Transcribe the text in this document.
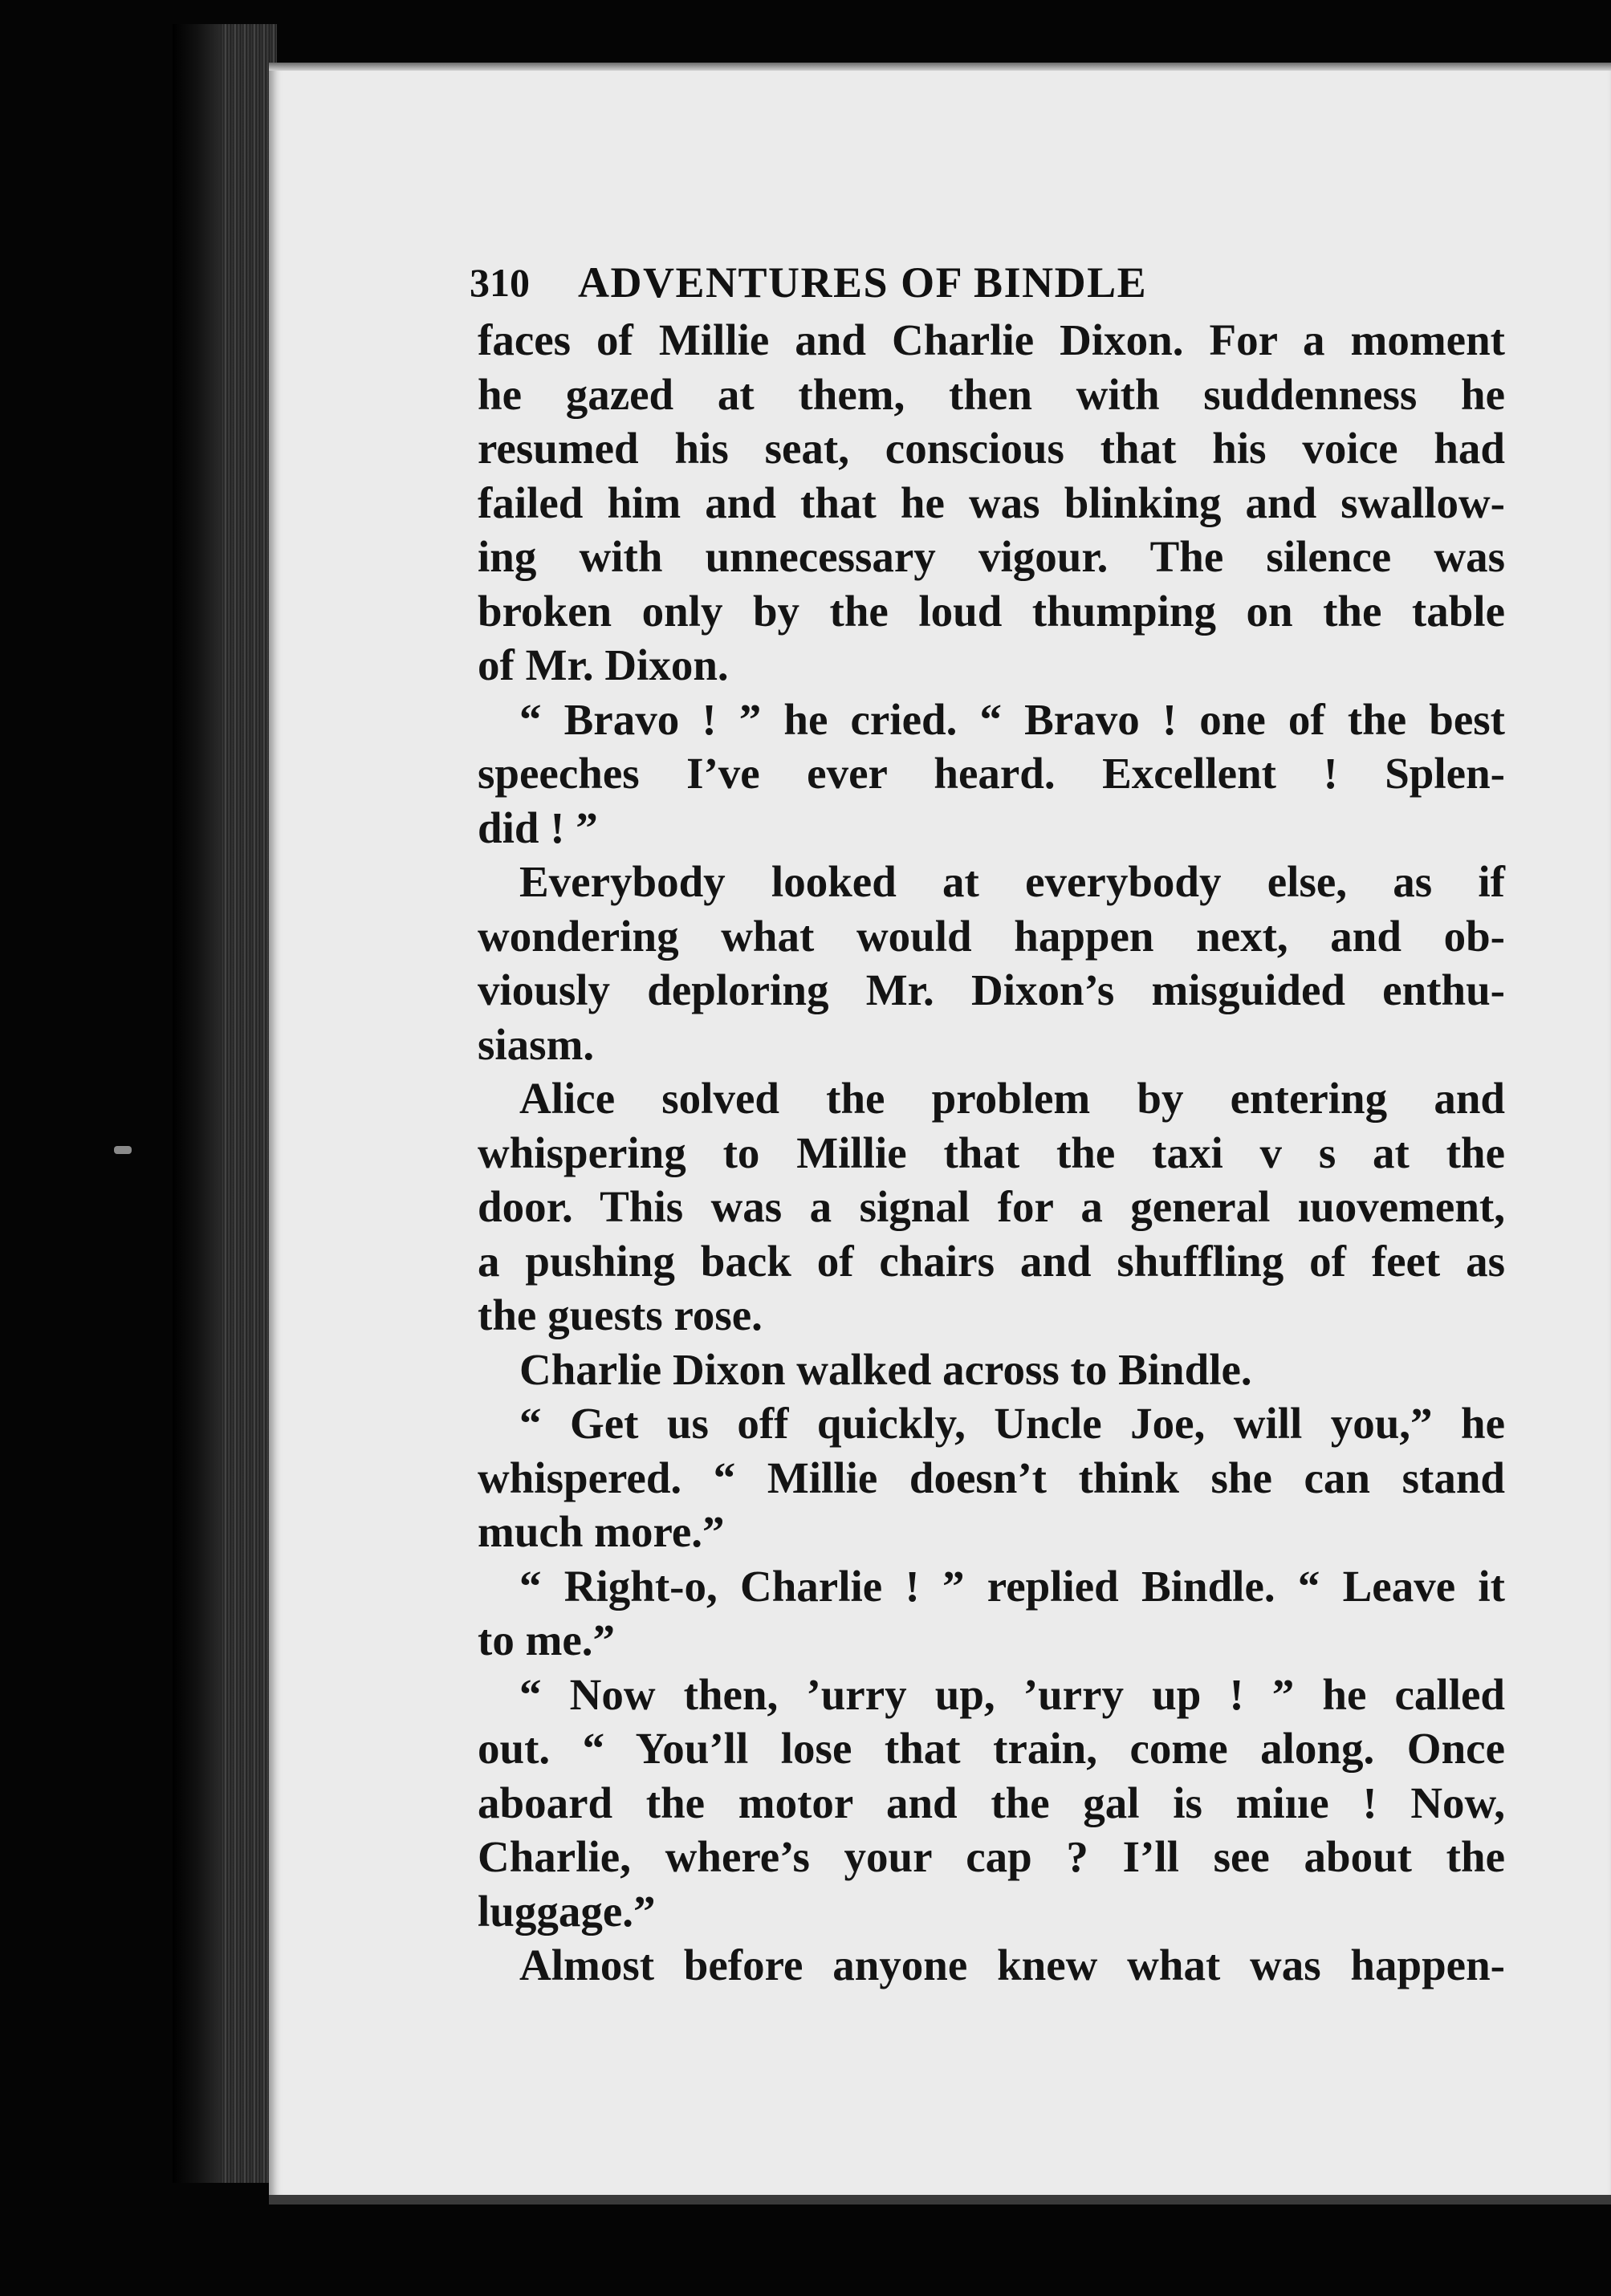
310 ADVENTURES OF BINDLE
faces of Millie and Charlie Dixon. For a moment
he gazed at them, then with suddenness he
resumed his seat, conscious that his voice had
failed him and that he was blinking and swallow-
ing with unnecessary vigour. The silence was
broken only by the loud thumping on the table
of Mr. Dixon.
“ Bravo ! ” he cried. “ Bravo ! one of the best
speeches I’ve ever heard. Excellent ! Splen-
did ! ”
Everybody looked at everybody else, as if
wondering what would happen next, and ob-
viously deploring Mr. Dixon’s misguided enthu-
siasm.
Alice solved the problem by entering and
whispering to Millie that the taxi v s at the
door. This was a signal for a general ıuovement,
a pushing back of chairs and shuffling of feet as
the guests rose.
Charlie Dixon walked across to Bindle.
“ Get us off quickly, Uncle Joe, will you,” he
whispered. “ Millie doesn’t think she can stand
much more.”
“ Right-o, Charlie ! ” replied Bindle. “ Leave it
to me.”
“ Now then, ’urry up, ’urry up ! ” he called
out. “ You’ll lose that train, come along. Once
aboard the motor and the gal is miııe ! Now,
Charlie, where’s your cap ? I’ll see about the
luggage.”
Almost before anyone knew what was happen-
